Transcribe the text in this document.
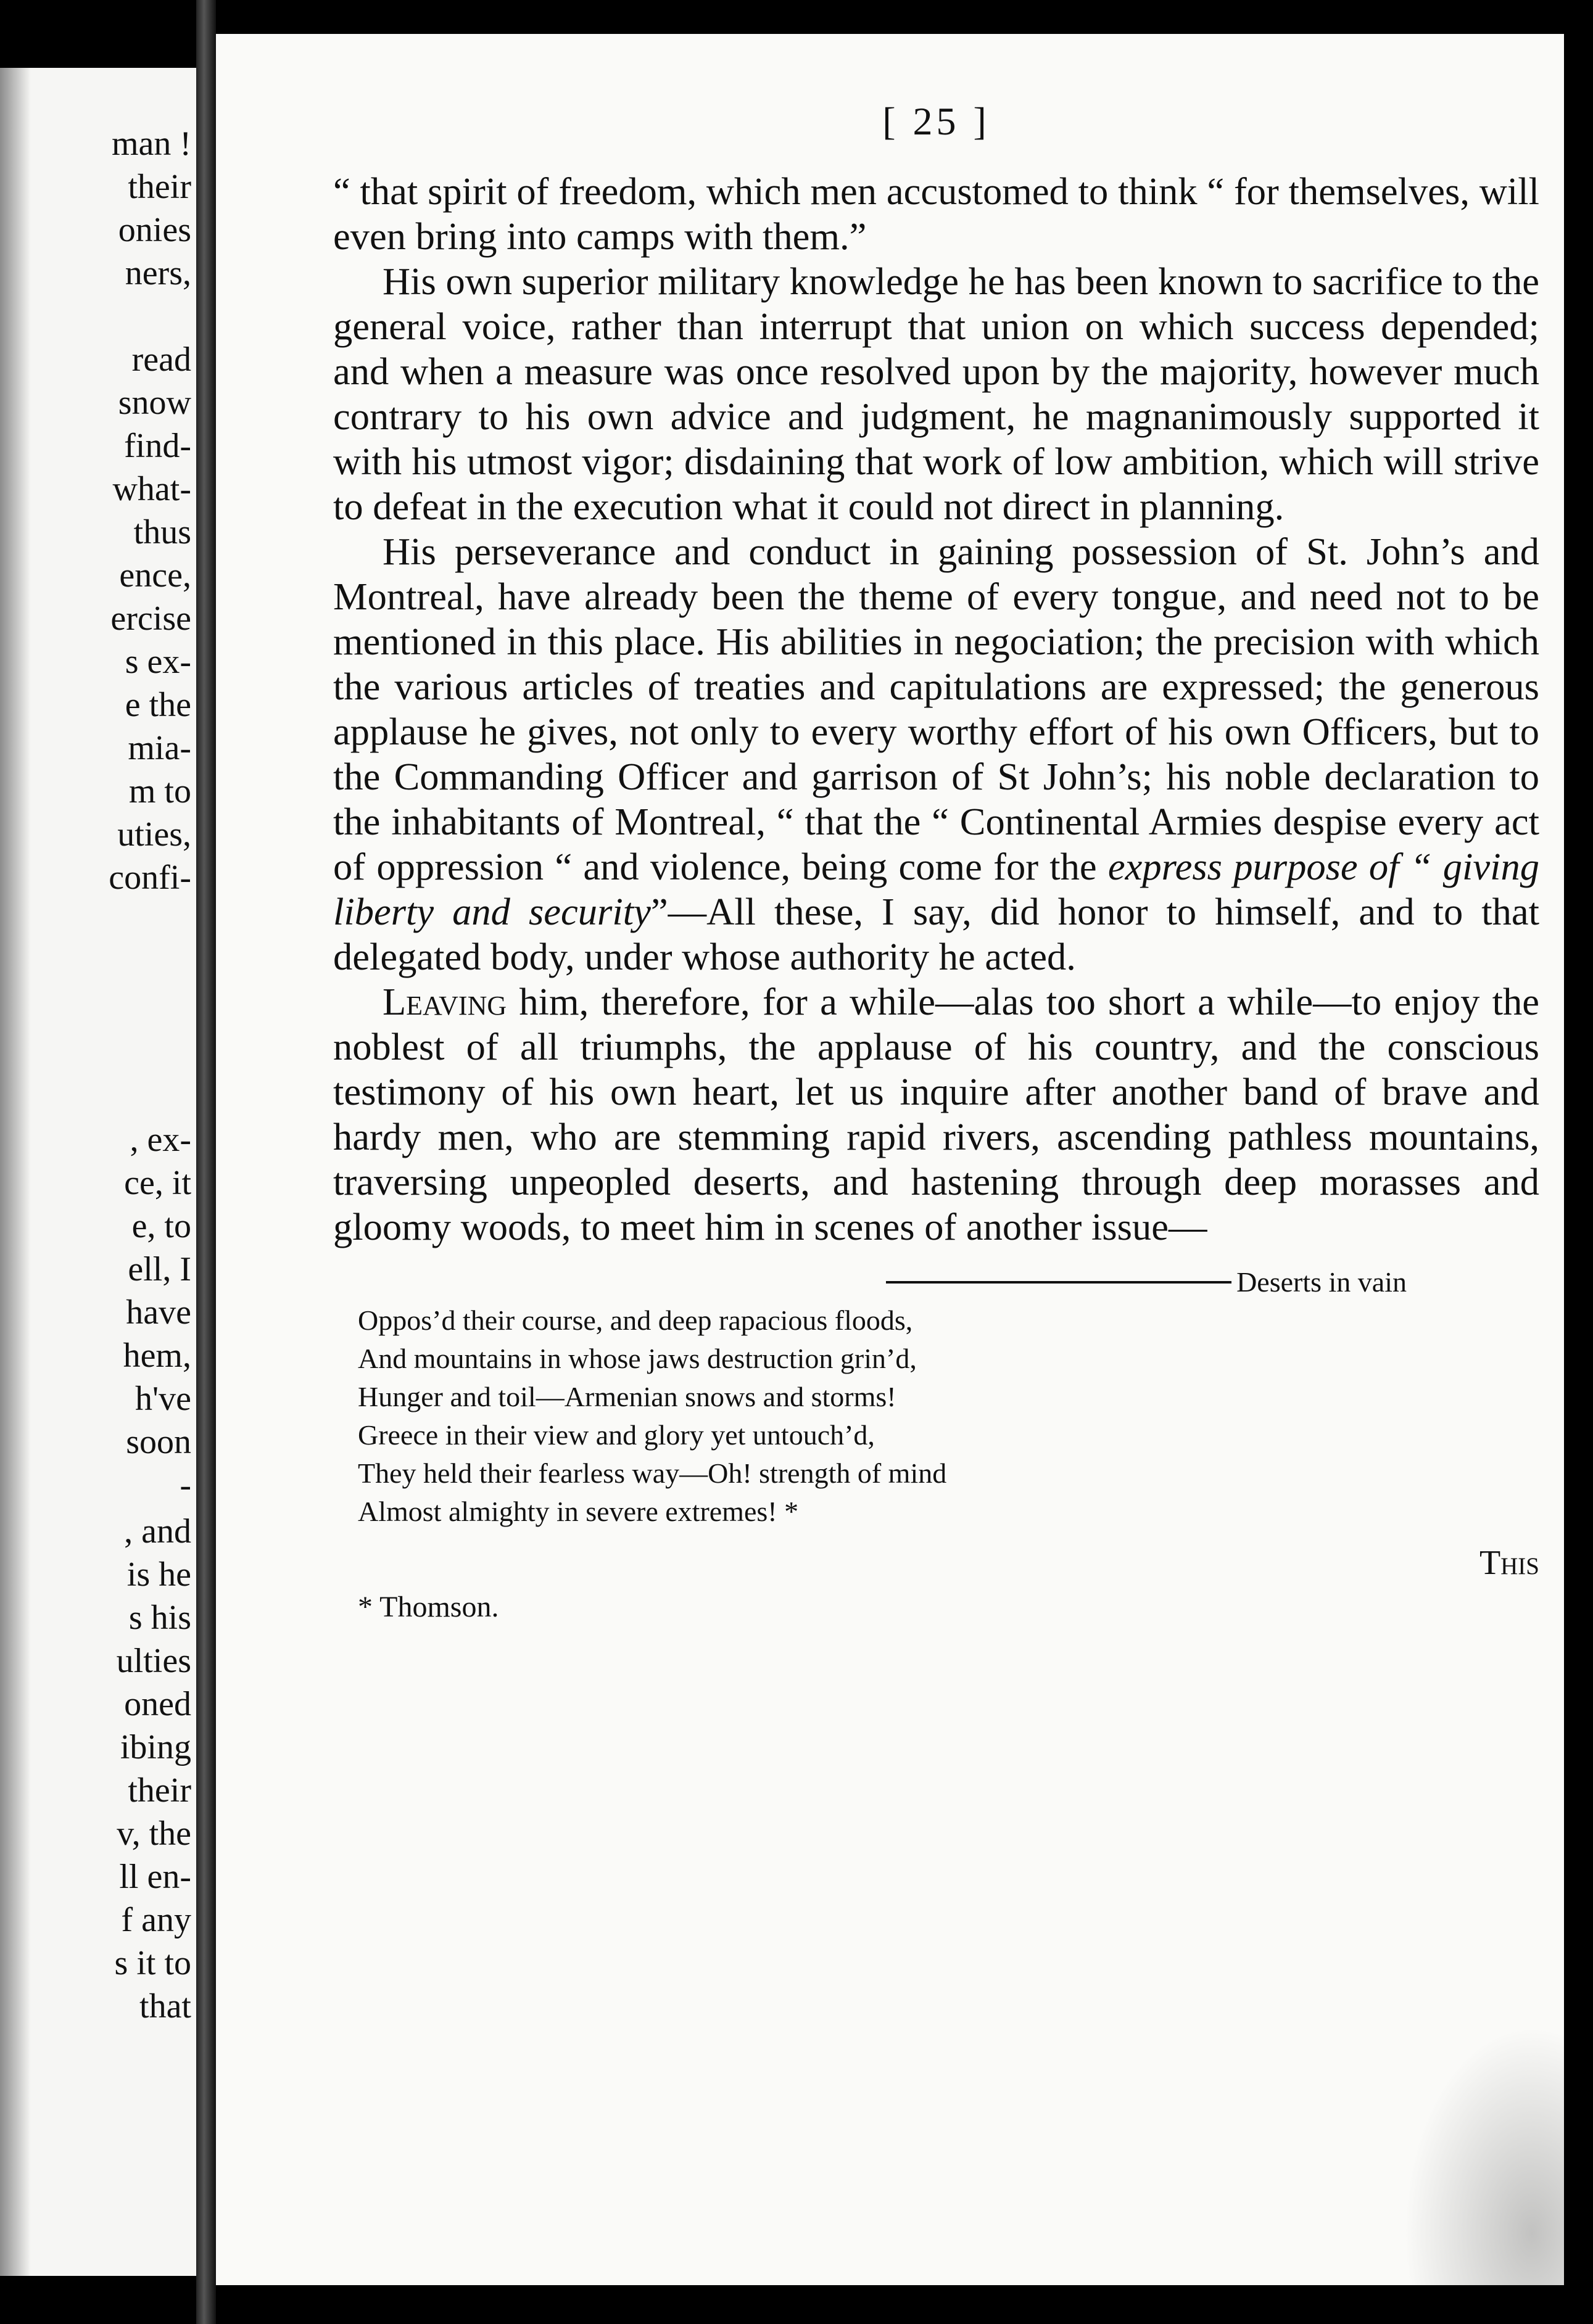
man !
their
onies
ners,
read
snow
find-
what-
thus
ence,
ercise
s ex-
e the
mia-
m to
uties,
confi-
, ex-
ce, it
e, to
ell, I
have
hem,
h've
soon
-
, and
is he
s his
ulties
oned
ibing
their
v, the
ll en-
f any
s it to
that
[ 25 ]

“ that spirit of freedom, which men accustomed to think “ for themselves, will even bring into camps with them.”

His own superior military knowledge he has been known to sacrifice to the general voice, rather than interrupt that union on which success depended; and when a measure was once resolved upon by the majority, however much contrary to his own advice and judgment, he magnanimously supported it with his utmost vigor; disdaining that work of low ambition, which will strive to defeat in the execution what it could not direct in planning.

His perseverance and conduct in gaining possession of St. John’s and Montreal, have already been the theme of every tongue, and need not to be mentioned in this place. His abilities in negociation; the precision with which the various articles of treaties and capitulations are expressed; the generous applause he gives, not only to every worthy effort of his own Officers, but to the Commanding Officer and garrison of St John’s; his noble declaration to the inhabitants of Montreal, “ that the “ Continental Armies despise every act of oppression “ and violence, being come for the express purpose of “ giving liberty and security”—All these, I say, did honor to himself, and to that delegated body, under whose authority he acted.

Leaving him, therefore, for a while—alas too short a while—to enjoy the noblest of all triumphs, the applause of his country, and the conscious testimony of his own heart, let us inquire after another band of brave and hardy men, who are stemming rapid rivers, ascending pathless mountains, traversing unpeopled deserts, and hastening through deep morasses and gloomy woods, to meet him in scenes of another issue—

Deserts in vain

Oppos’d their course, and deep rapacious floods,

And mountains in whose jaws destruction grin’d,

Hunger and toil—Armenian snows and storms!

Greece in their view and glory yet untouch’d,

They held their fearless way—Oh! strength of mind

Almost almighty in severe extremes! *

This
* Thomson.
